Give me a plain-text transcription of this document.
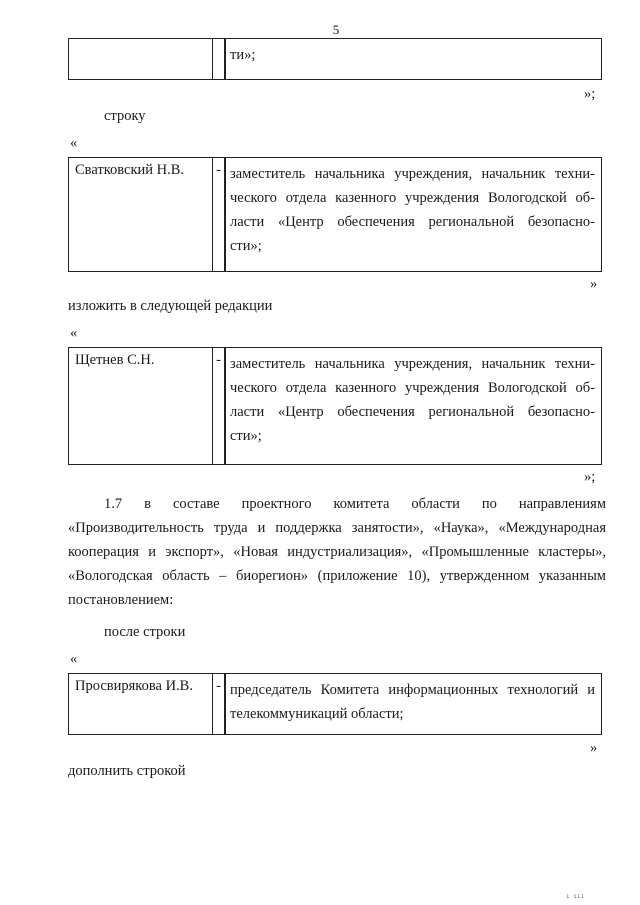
5
ти»;
»;
строку
«
Сватковский Н.В.	- заместитель начальника учреждения, начальник техни-
ческого отдела казенного учреждения Вологодской об-
ласти «Центр обеспечения региональной безопасно-
сти»;
»
изложить в следующей редакции
«
Щетнев С.Н.	- заместитель начальника учреждения, начальник техни-
ческого отдела казенного учреждения Вологодской об-
ласти «Центр обеспечения региональной безопасно-
сти»;
»;
1.7 в составе проектного комитета области по направлениям
«Производительность труда и поддержка занятости», «Наука», «Международная
кооперация и экспорт», «Новая индустриализация», «Промышленные кластеры»,
«Вологодская область – биорегион» (приложение 10), утвержденном указанным
постановлением:
после строки
«
Просвирякова И.В.	- председатель Комитета информационных технологий и
телекоммуникаций области;
»
дополнить строкой
ı ııı
